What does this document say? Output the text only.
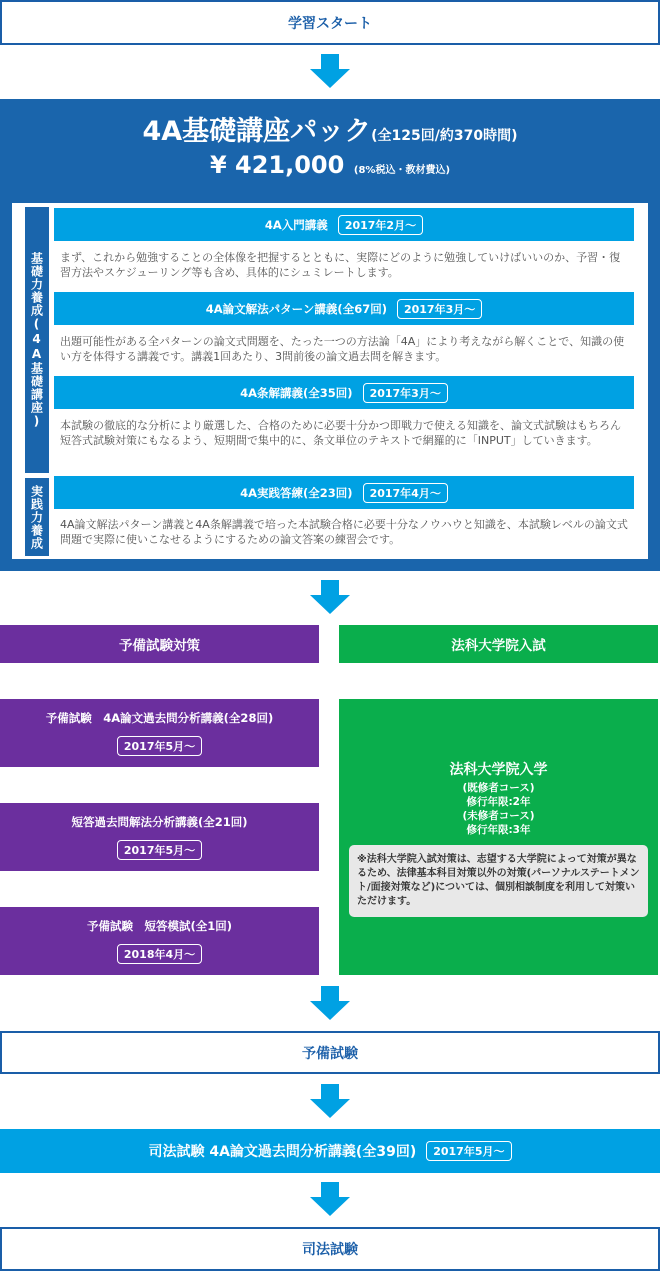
学習スタート
4A基礎講座パック(全125回/約370時間)
¥ 421,000 (8%税込・教材費込)
基礎力養成(4A基礎講座)
実践力養成
4A入門講義	2017年2月〜
まず、これから勉強することの全体像を把握するとともに、実際にどのように勉強していけばいいのか、予習・復習方法やスケジューリング等も含め、具体的にシュミレートします。
4A論文解法パターン講義(全67回)	2017年3月〜
出題可能性がある全パターンの論文式問題を、たった一つの方法論「4A」により考えながら解くことで、知識の使い方を体得する講義です。講義1回あたり、3問前後の論文過去問を解きます。
4A条解講義(全35回)	2017年3月〜
本試験の徹底的な分析により厳選した、合格のために必要十分かつ即戦力で使える知識を、論文式試験はもちろん短答式試験対策にもなるよう、短期間で集中的に、条文単位のテキストで網羅的に「INPUT」していきます。
4A実践答練(全23回)	2017年4月〜
4A論文解法パターン講義と4A条解講義で培った本試験合格に必要十分なノウハウと知識を、本試験レベルの論文式問題で実際に使いこなせるようにするための論文答案の練習会です。
予備試験対策
予備試験　4A論文過去問分析講義(全28回)
2017年5月〜
短答過去問解法分析講義(全21回)
2017年5月〜
予備試験　短答模試(全1回)
2018年4月〜
法科大学院入試
法科大学院入学
(既修者コース)
修行年限:2年
(未修者コース)
修行年限:3年
※法科大学院入試対策は、志望する大学院によって対策が異なるため、法律基本科目対策以外の対策(パーソナルステートメント/面接対策など)については、個別相談制度を利用して対策いただけます。
予備試験
司法試験 4A論文過去問分析講義(全39回)	2017年5月〜
司法試験
